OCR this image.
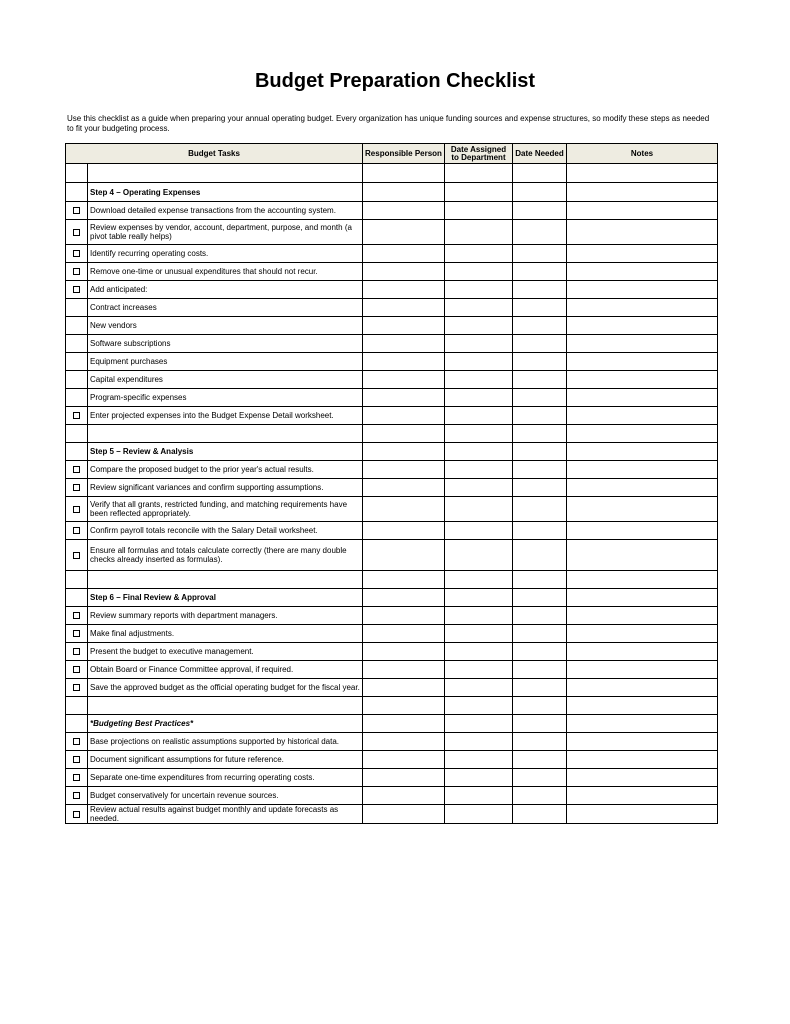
Budget Preparation Checklist
Use this checklist as a guide when preparing your annual operating budget. Every organization has unique funding sources and expense structures, so modify these steps as needed to fit your budgeting process.
Budget Tasks		Responsible Person	Date Assigned to Department	Date Needed	Notes

	Step 4 – Operating Expenses				
	Download detailed expense transactions from the accounting system.				
	Review expenses by vendor, account, department, purpose, and month (a pivot table really helps)				
	Identify recurring operating costs.				
	Remove one-time or unusual expenditures that should not recur.				
	Add anticipated:				
	Contract increases				
	New vendors				
	Software subscriptions				
	Equipment purchases				
	Capital expenditures				
	Program-specific expenses				
	Enter projected expenses into the Budget Expense Detail worksheet.				

	Step 5 – Review & Analysis				
	Compare the proposed budget to the prior year's actual results.				
	Review significant variances and confirm supporting assumptions.				
	Verify that all grants, restricted funding, and matching requirements have been reflected appropriately.				
	Confirm payroll totals reconcile with the Salary Detail worksheet.				
	Ensure all formulas and totals calculate correctly (there are many double checks already inserted as formulas).				

	Step 6 – Final Review & Approval				
	Review summary reports with department managers.				
	Make final adjustments.				
	Present the budget to executive management.				
	Obtain Board or Finance Committee approval, if required.				
	Save the approved budget as the official operating budget for the fiscal year.				

	*Budgeting Best Practices*				
	Base projections on realistic assumptions supported by historical data.				
	Document significant assumptions for future reference.				
	Separate one-time expenditures from recurring operating costs.				
	Budget conservatively for uncertain revenue sources.				
	Review actual results against budget monthly and update forecasts as needed.				
